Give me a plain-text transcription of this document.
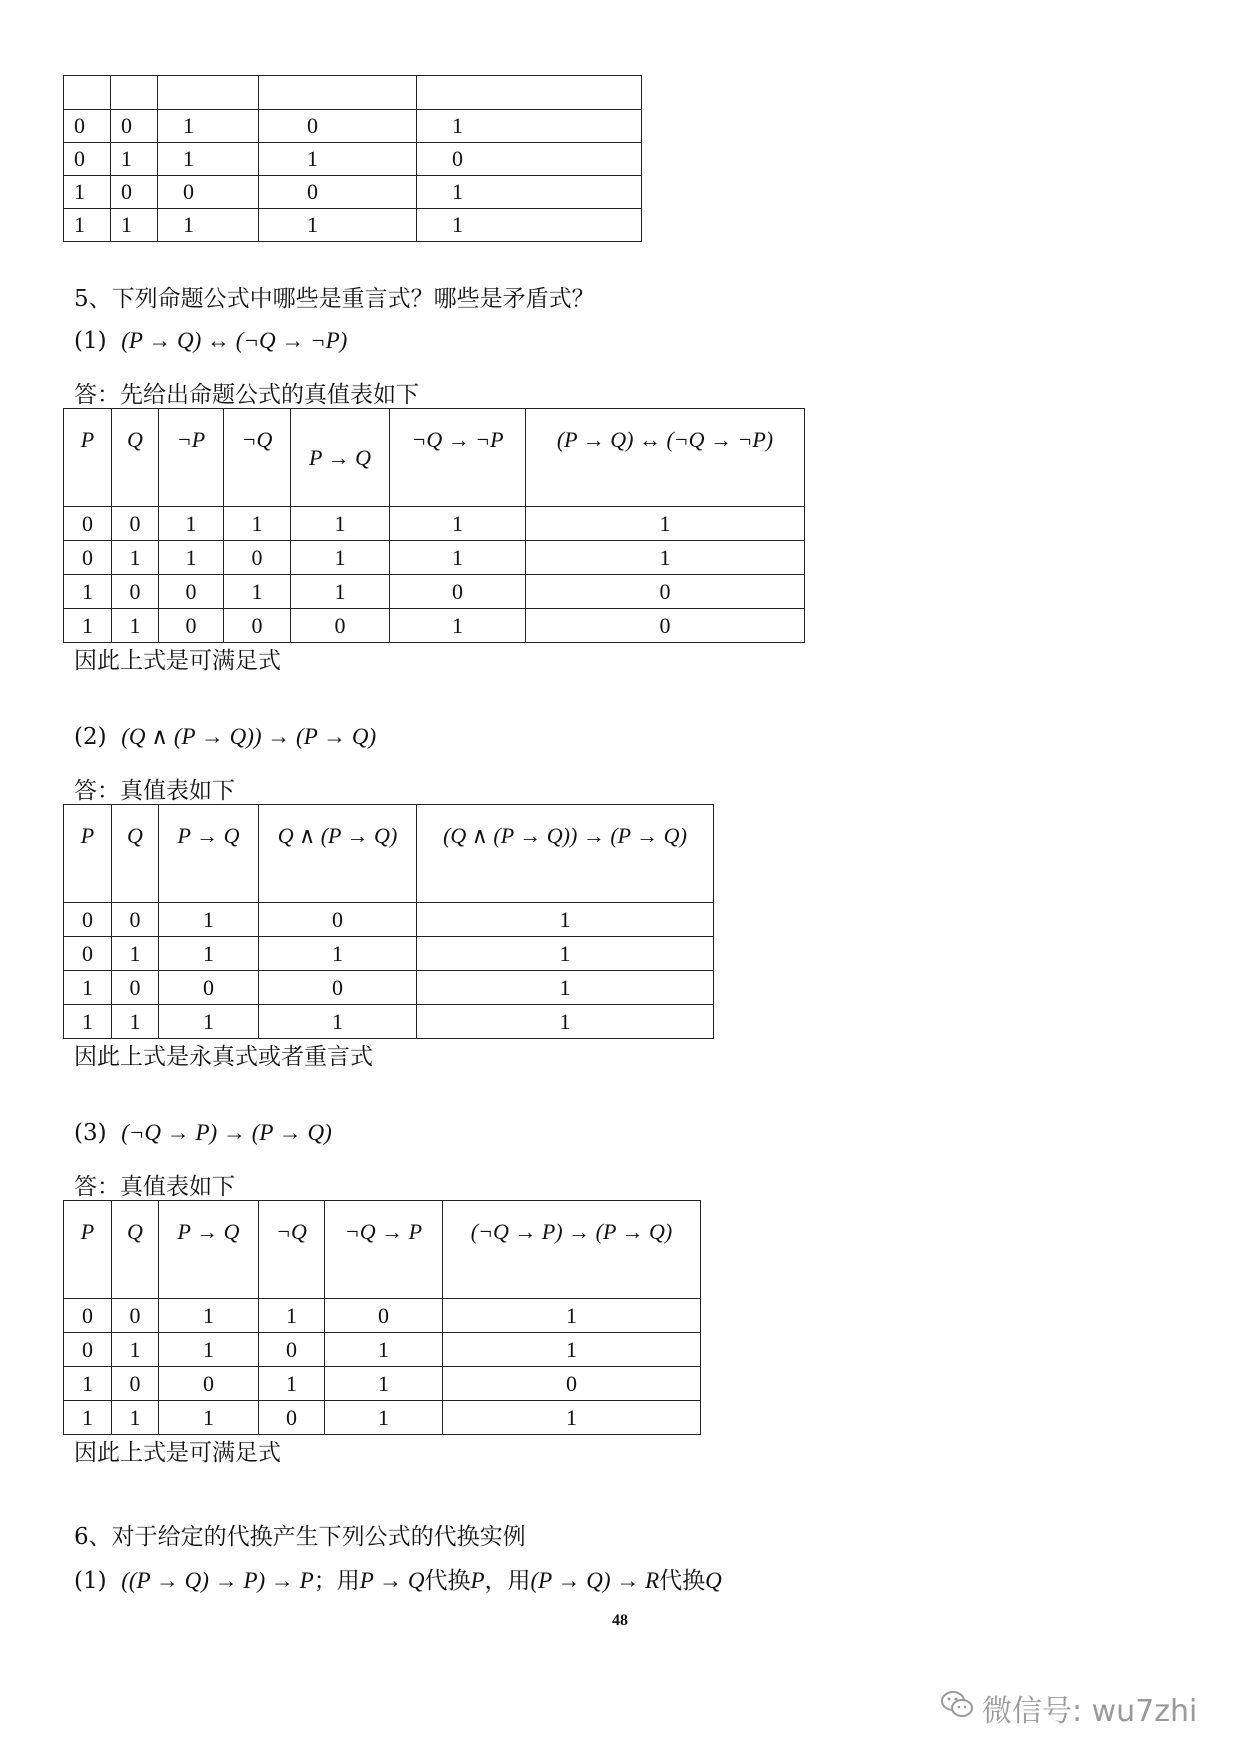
0	0	1	0	1
0	1	1	1	0
1	0	0	0	1
1	1	1	1	1
5、下列命题公式中哪些是重言式？哪些是矛盾式？
(1) (P → Q) ↔ (¬Q → ¬P)
答：先给出命题公式的真值表如下
P	Q	¬P	¬Q	P → Q	¬Q → ¬P	(P → Q) ↔ (¬Q → ¬P)
0	0	1	1	1	1	1
0	1	1	0	1	1	1
1	0	0	1	1	0	0
1	1	0	0	0	1	0
因此上式是可满足式
(2) (Q ∧ (P → Q)) → (P → Q)
答：真值表如下
P	Q	P → Q	Q ∧ (P → Q)	(Q ∧ (P → Q)) → (P → Q)
0	0	1	0	1
0	1	1	1	1
1	0	0	0	1
1	1	1	1	1
因此上式是永真式或者重言式
(3) (¬Q → P) → (P → Q)
答：真值表如下
P	Q	P → Q	¬Q	¬Q → P	(¬Q → P) → (P → Q)
0	0	1	1	0	1
0	1	1	0	1	1
1	0	0	1	1	0
1	1	1	0	1	1
因此上式是可满足式
6、对于给定的代换产生下列公式的代换实例
(1) ((P → Q) → P) → P；用P → Q代换P，用(P → Q) → R代换Q
48
微信号: wu7zhi
